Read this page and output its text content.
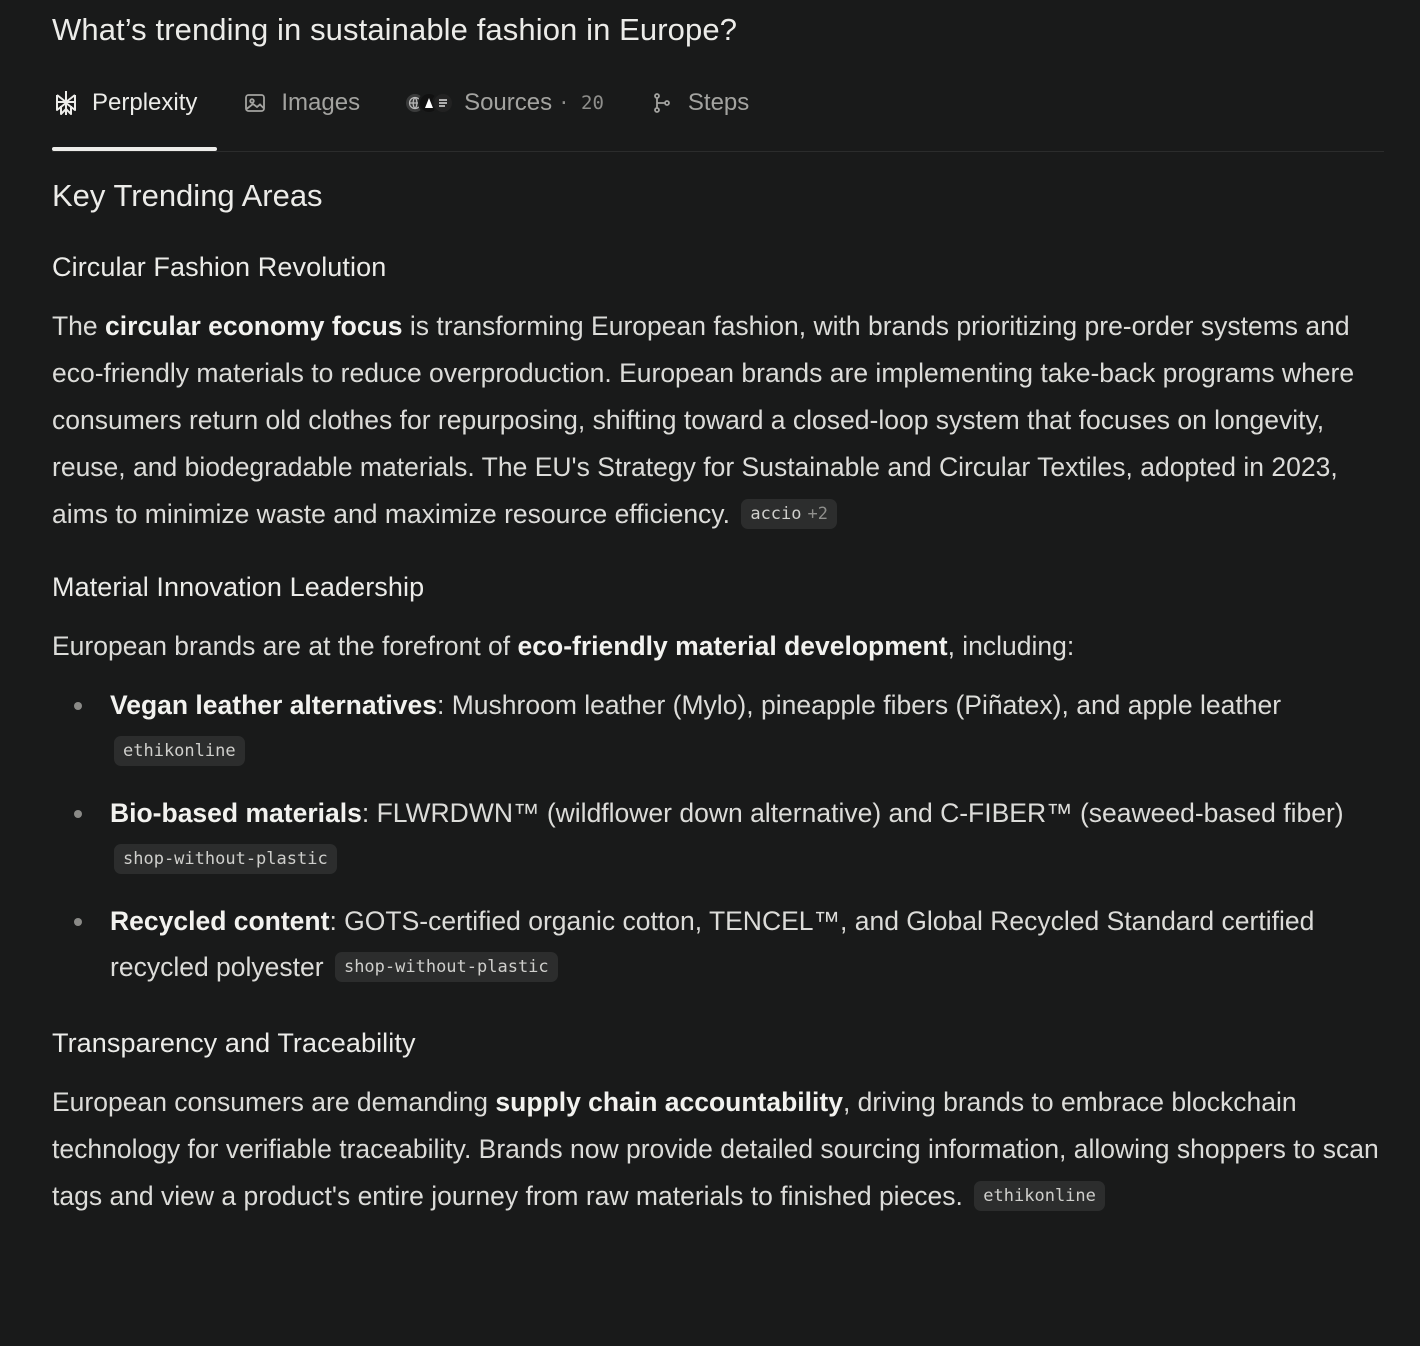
What’s trending in sustainable fashion in Europe?
Perplexity	Images	Sources · 20	Steps
Key Trending Areas
Circular Fashion Revolution

The circular economy focus is transforming European fashion, with brands prioritizing pre-order systems and eco-friendly materials to reduce overproduction. European brands are implementing take-back programs where consumers return old clothes for repurposing, shifting toward a closed-loop system that focuses on longevity, reuse, and biodegradable materials. The EU's Strategy for Sustainable and Circular Textiles, adopted in 2023, aims to minimize waste and maximize resource efficiency. accio +2

Material Innovation Leadership

European brands are at the forefront of eco-friendly material development, including:

Vegan leather alternatives: Mushroom leather (Mylo), pineapple fibers (Piñatex), and apple leather ethikonline
Bio-based materials: FLWRDWN™ (wildflower down alternative) and C-FIBER™ (seaweed-based fiber) shop-without-plastic
Recycled content: GOTS-certified organic cotton, TENCEL™, and Global Recycled Standard certified recycled polyester shop-without-plastic
Transparency and Traceability

European consumers are demanding supply chain accountability, driving brands to embrace blockchain technology for verifiable traceability. Brands now provide detailed sourcing information, allowing shoppers to scan tags and view a product's entire journey from raw materials to finished pieces. ethikonline
